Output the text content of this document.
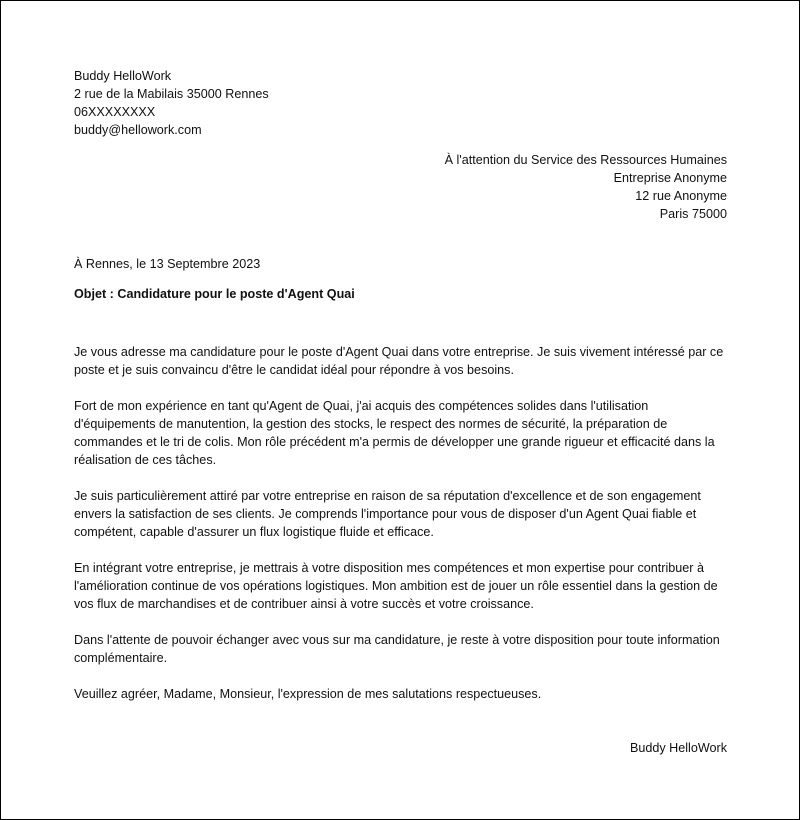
Buddy HelloWork
2 rue de la Mabilais 35000 Rennes
06XXXXXXXX
buddy@hellowork.com
À l'attention du Service des Ressources Humaines
Entreprise Anonyme
12 rue Anonyme
Paris 75000
À Rennes, le 13 Septembre 2023
Objet : Candidature pour le poste d'Agent Quai

Je vous adresse ma candidature pour le poste d'Agent Quai dans votre entreprise. Je suis vivement intéressé par ce poste et je suis convaincu d'être le candidat idéal pour répondre à vos besoins.

Fort de mon expérience en tant qu'Agent de Quai, j'ai acquis des compétences solides dans l'utilisation d'équipements de manutention, la gestion des stocks, le respect des normes de sécurité, la préparation de commandes et le tri de colis. Mon rôle précédent m'a permis de développer une grande rigueur et efficacité dans la réalisation de ces tâches.

Je suis particulièrement attiré par votre entreprise en raison de sa réputation d'excellence et de son engagement envers la satisfaction de ses clients. Je comprends l'importance pour vous de disposer d'un Agent Quai fiable et compétent, capable d'assurer un flux logistique fluide et efficace.

En intégrant votre entreprise, je mettrais à votre disposition mes compétences et mon expertise pour contribuer à l'amélioration continue de vos opérations logistiques. Mon ambition est de jouer un rôle essentiel dans la gestion de vos flux de marchandises et de contribuer ainsi à votre succès et votre croissance.

Dans l'attente de pouvoir échanger avec vous sur ma candidature, je reste à votre disposition pour toute information complémentaire.

Veuillez agréer, Madame, Monsieur, l'expression de mes salutations respectueuses.

Buddy HelloWork
